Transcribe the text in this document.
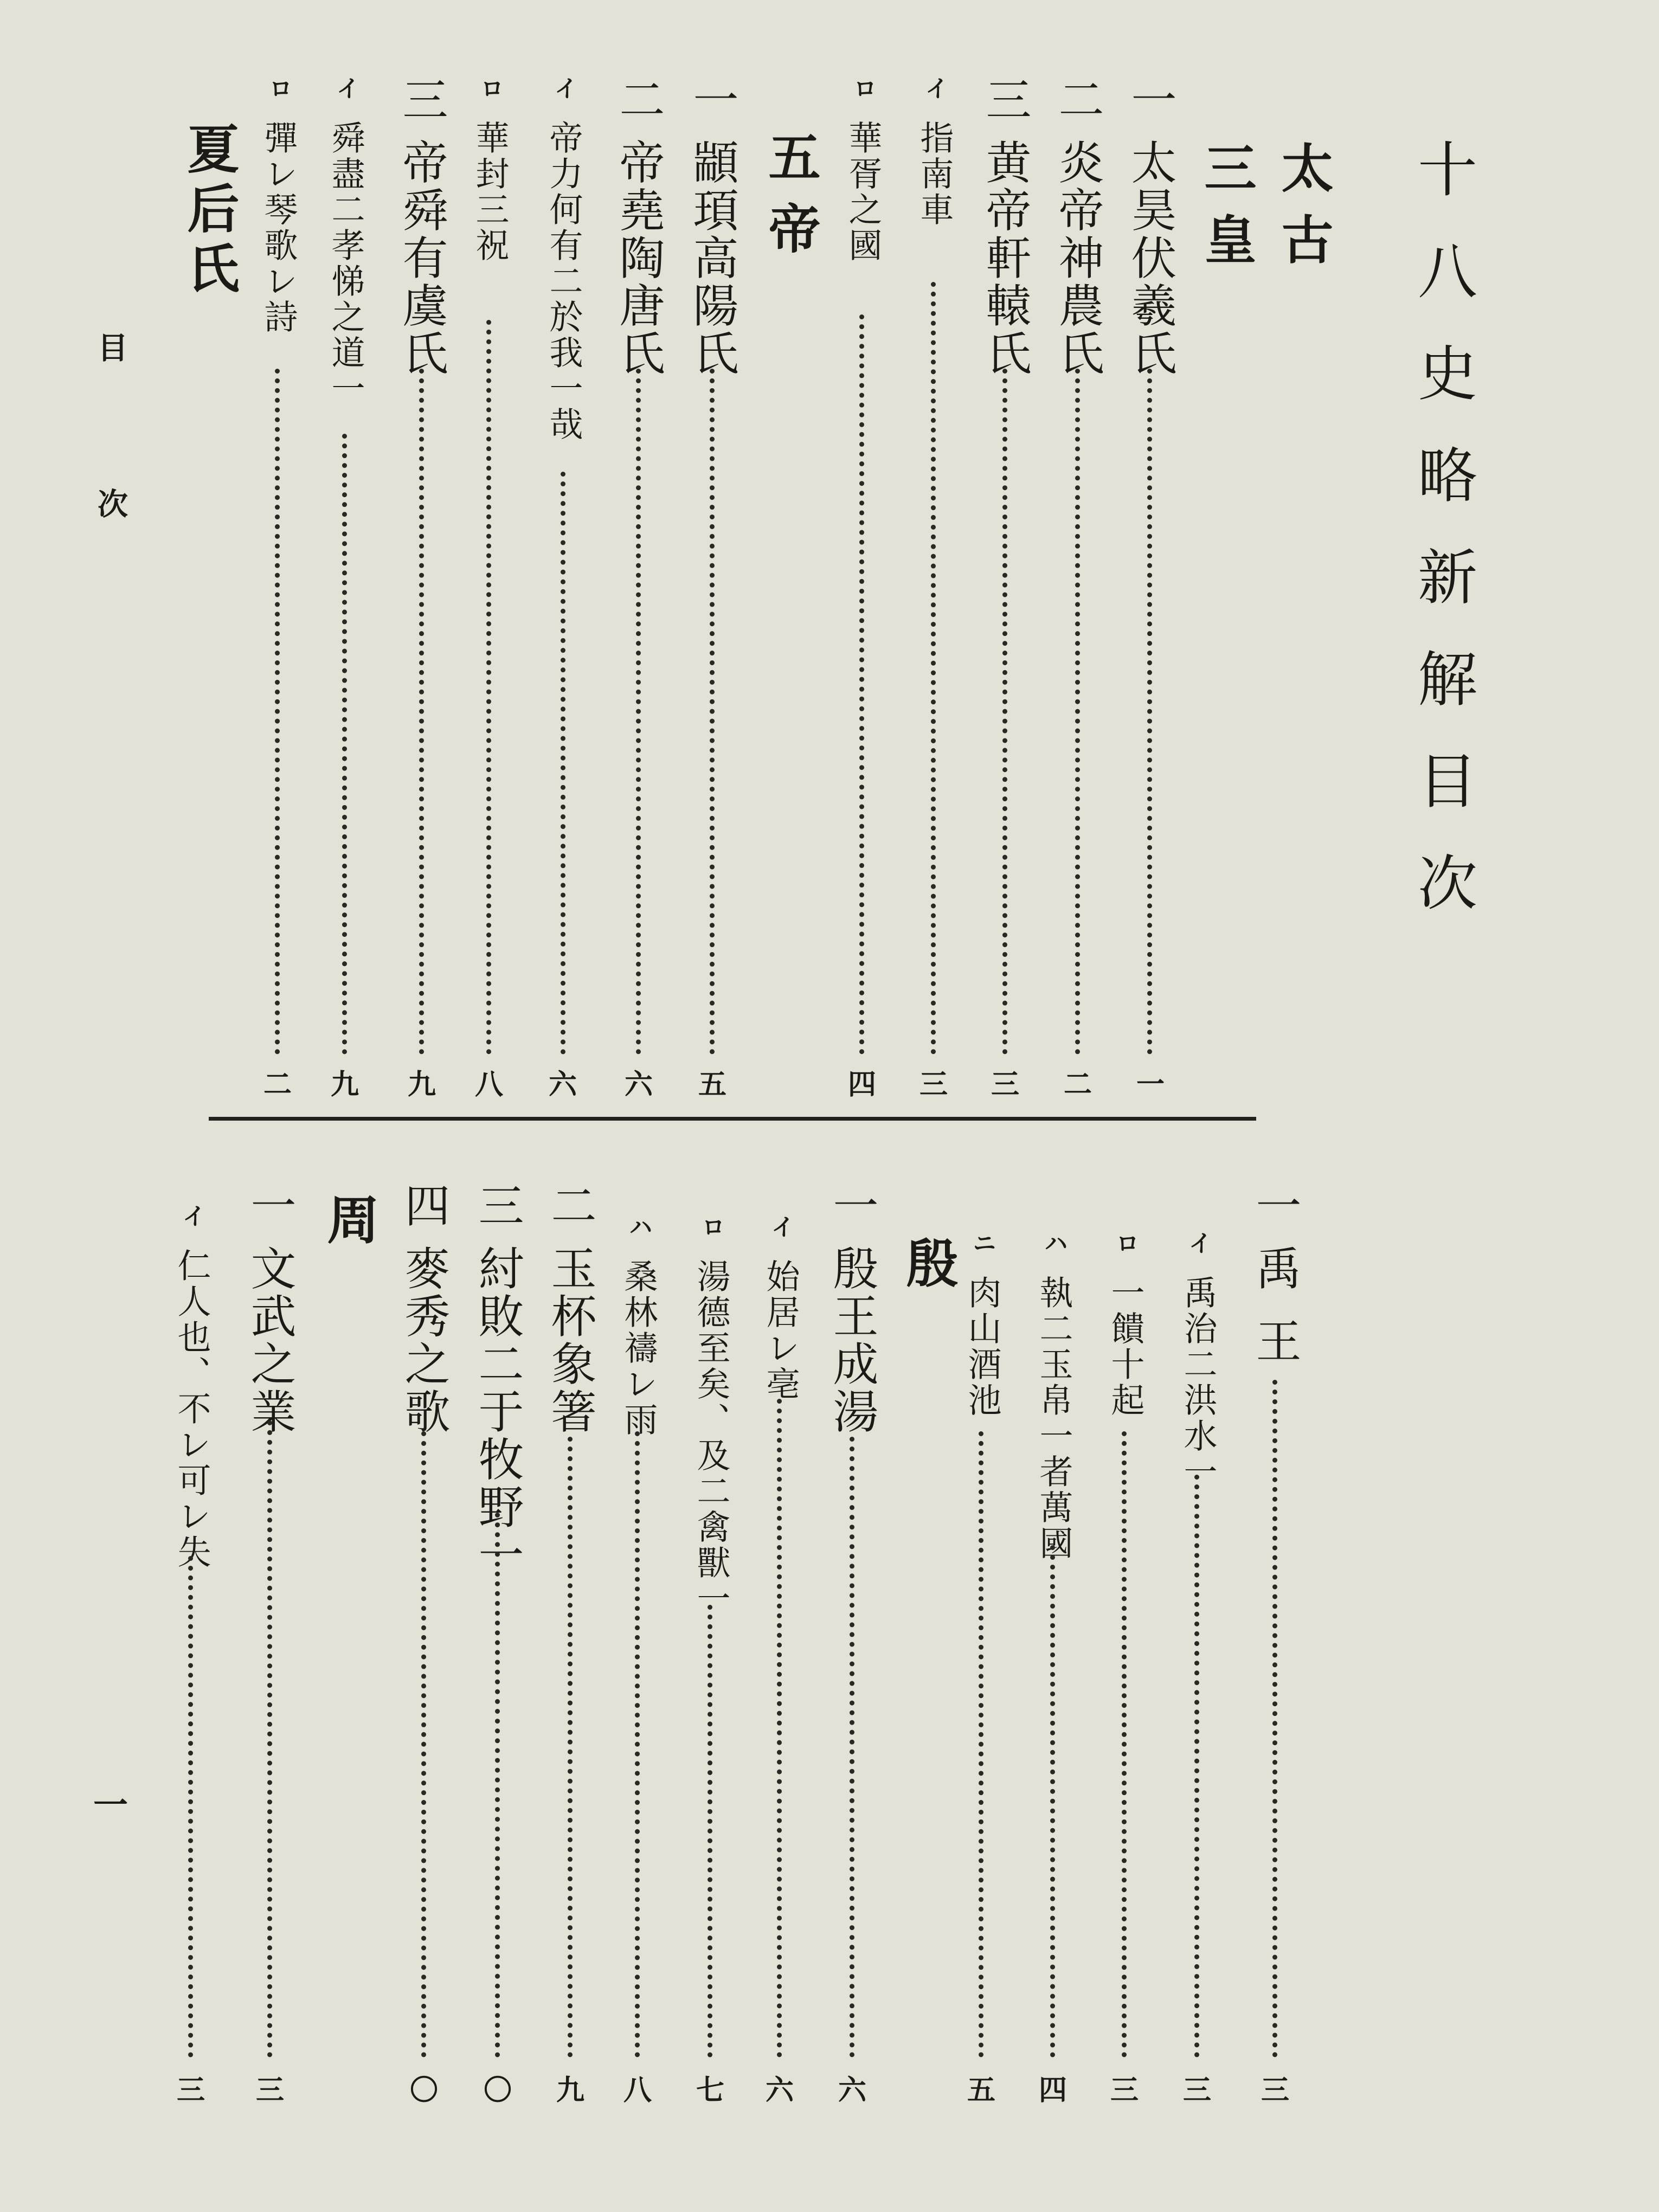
十八史略新解目次
目
次
一
太古
三皇
一太昊伏羲氏
一
二炎帝神農氏
二
三黄帝軒轅氏
三
イ指南車
三
ロ華胥之國
四
五帝
一顓頊高陽氏
五
二帝堯陶唐氏
六
イ帝力何有二於我一哉
六
ロ華封三祝
八
三帝舜有虞氏
九
イ舜盡二孝悌之道一
九
ロ彈レ琴歌レ詩
二
夏后氏
一禹王
三
イ禹治二洪水一
三
ロ一饋十起
三
ハ執二玉帛一者萬國
四
ニ肉山酒池
五
殷
一殷王成湯
六
イ始居レ亳
六
ロ湯德至矣、及二禽獸一
七
ハ桑林禱レ雨
八
二玉杯象箸
九
三紂敗二于牧野一
〇
四麥秀之歌
〇
周
一文武之業
三
イ仁人也、不レ可レ失
三
